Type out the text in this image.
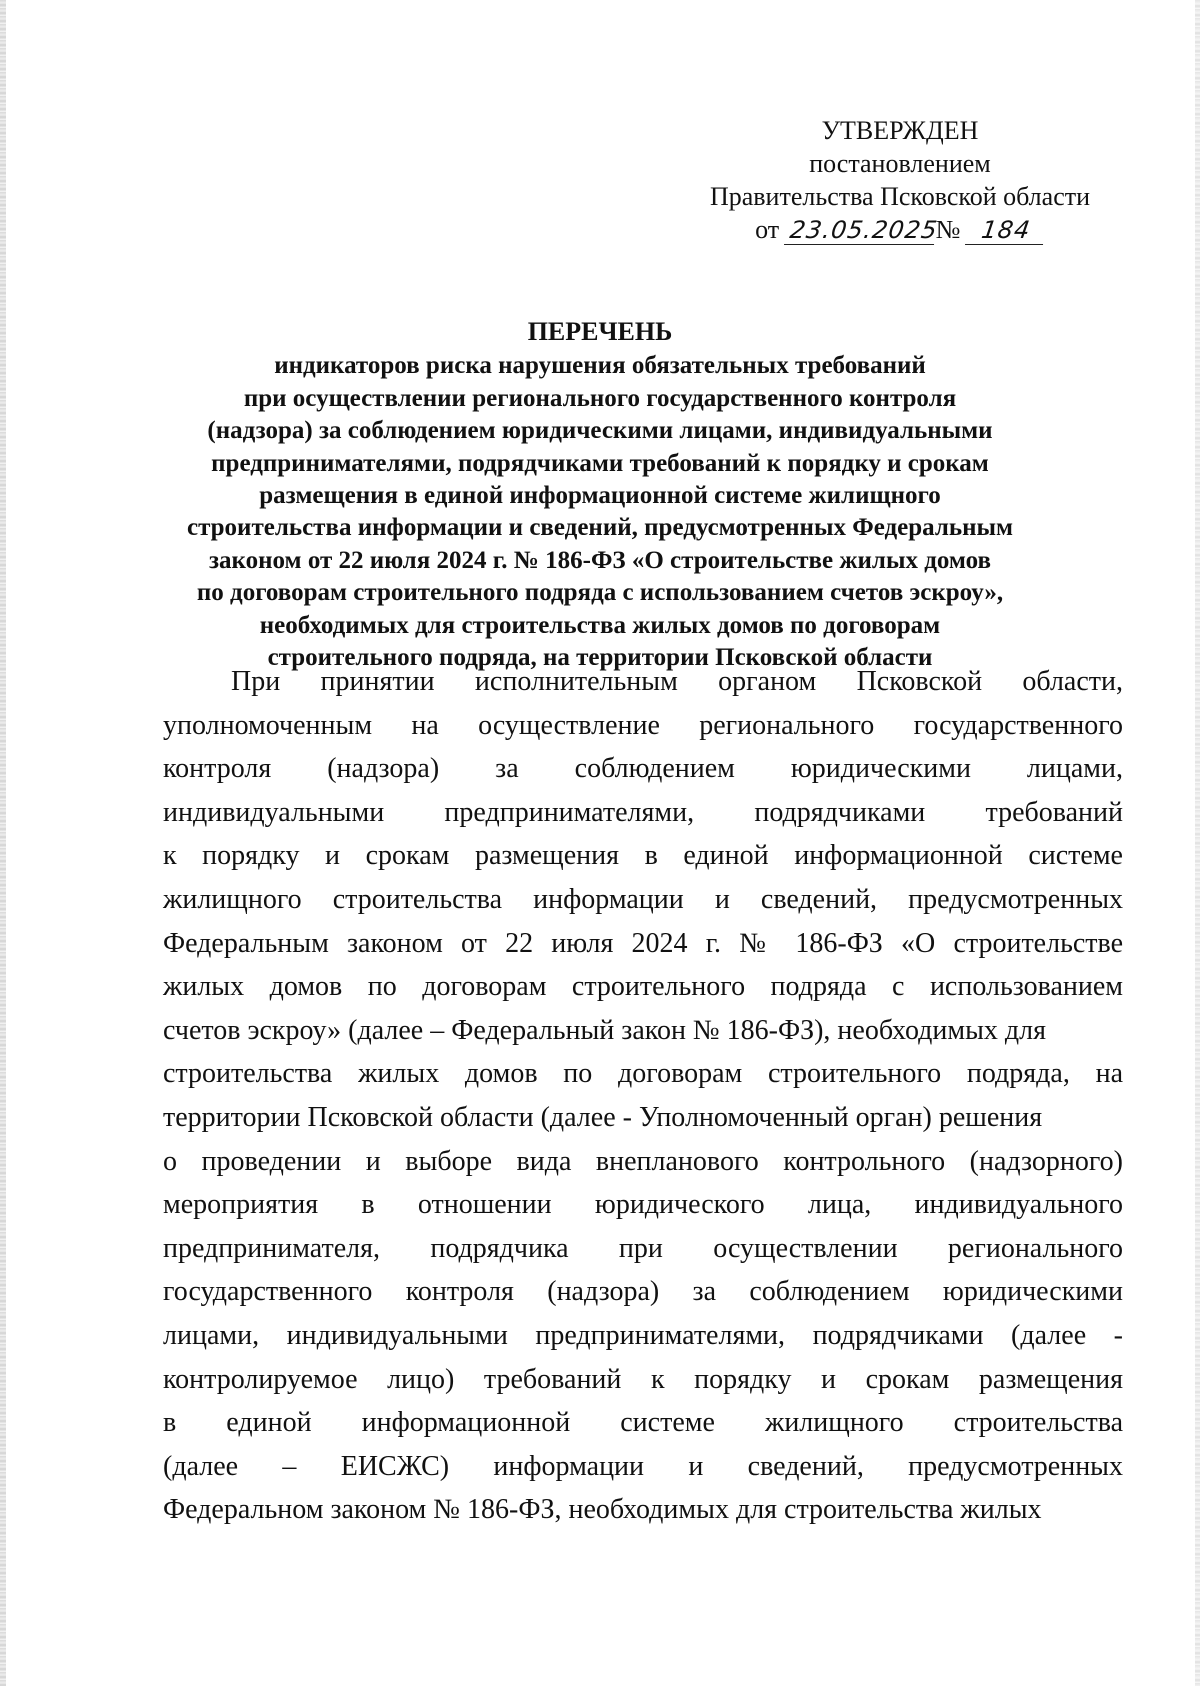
УТВЕРЖДЕН
постановлением
Правительства Псковской области
от 23.05.2025№ 184
ПЕРЕЧЕНЬ
индикаторов риска нарушения обязательных требований
при осуществлении регионального государственного контроля
(надзора) за соблюдением юридическими лицами, индивидуальными
предпринимателями, подрядчиками требований к порядку и срокам
размещения в единой информационной системе жилищного
строительства информации и сведений, предусмотренных Федеральным
законом от 22 июля 2024 г. № 186-ФЗ «О строительстве жилых домов
по договорам строительного подряда с использованием счетов эскроу»,
необходимых для строительства жилых домов по договорам
строительного подряда, на территории Псковской области
При принятии исполнительным органом Псковской области,
уполномоченным на осуществление регионального государственного
контроля (надзора) за соблюдением юридическими лицами,
индивидуальными предпринимателями, подрядчиками требований
к порядку и срокам размещения в единой информационной системе
жилищного строительства информации и сведений, предусмотренных
Федеральным законом от 22 июля 2024 г. № 186-ФЗ «О строительстве
жилых домов по договорам строительного подряда с использованием
счетов эскроу» (далее – Федеральный закон № 186-ФЗ), необходимых для
строительства жилых домов по договорам строительного подряда, на
территории Псковской области (далее - Уполномоченный орган) решения
о проведении и выборе вида внепланового контрольного (надзорного)
мероприятия в отношении юридического лица, индивидуального
предпринимателя, подрядчика при осуществлении регионального
государственного контроля (надзора) за соблюдением юридическими
лицами, индивидуальными предпринимателями, подрядчиками (далее -
контролируемое лицо) требований к порядку и срокам размещения
в единой информационной системе жилищного строительства
(далее – ЕИСЖС) информации и сведений, предусмотренных
Федеральном законом № 186-ФЗ, необходимых для строительства жилых
